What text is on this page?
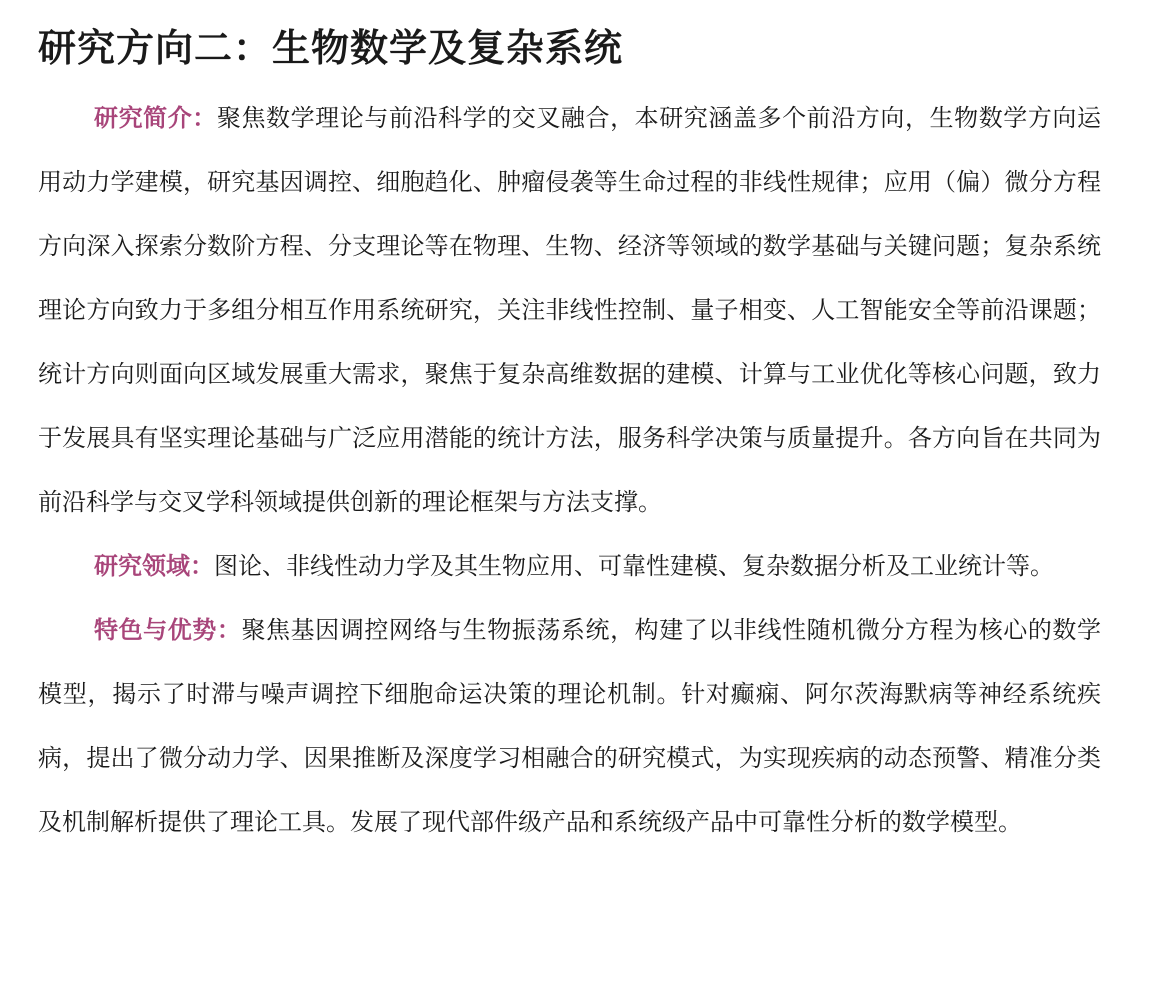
研究方向二：生物数学及复杂系统

研究简介：聚焦数学理论与前沿科学的交叉融合，本研究涵盖多个前沿方向，生物数学方向运用动力学建模，研究基因调控、细胞趋化、肿瘤侵袭等生命过程的非线性规律；应用（偏）微分方程方向深入探索分数阶方程、分支理论等在物理、生物、经济等领域的数学基础与关键问题；复杂系统理论方向致力于多组分相互作用系统研究，关注非线性控制、量子相变、人工智能安全等前沿课题；统计方向则面向区域发展重大需求，聚焦于复杂高维数据的建模、计算与工业优化等核心问题，致力于发展具有坚实理论基础与广泛应用潜能的统计方法，服务科学决策与质量提升。各方向旨在共同为前沿科学与交叉学科领域提供创新的理论框架与方法支撑。

研究领域：图论、非线性动力学及其生物应用、可靠性建模、复杂数据分析及工业统计等。

特色与优势：聚焦基因调控网络与生物振荡系统，构建了以非线性随机微分方程为核心的数学模型，揭示了时滞与噪声调控下细胞命运决策的理论机制。针对癫痫、阿尔茨海默病等神经系统疾病，提出了微分动力学、因果推断及深度学习相融合的研究模式，为实现疾病的动态预警、精准分类及机制解析提供了理论工具。发展了现代部件级产品和系统级产品中可靠性分析的数学模型。
